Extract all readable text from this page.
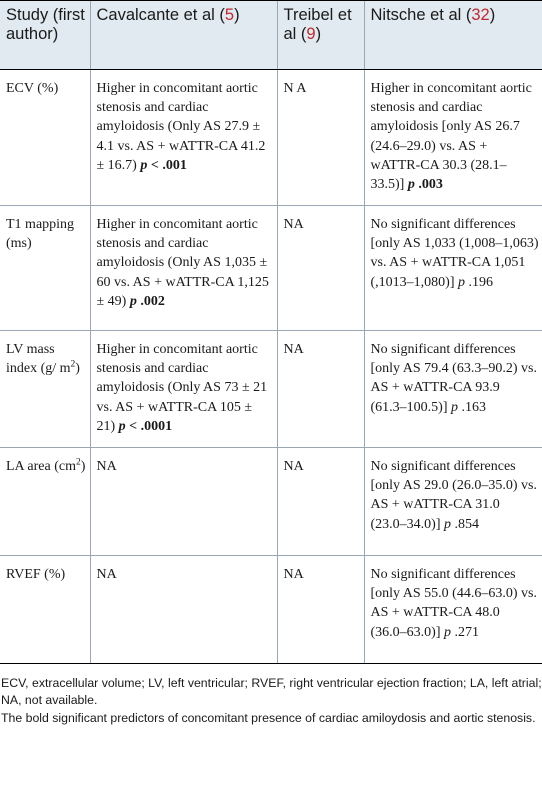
Study (first author)	Cavalcante et al (5)	Treibel et al (9)	Nitsche et al (32)
ECV (%)	Higher in concomitant aortic stenosis and cardiac amyloidosis (Only AS 27.9 ± 4.1 vs. AS + wATTR-CA 41.2 ± 16.7) p < .001	N A	Higher in concomitant aortic stenosis and cardiac amyloidosis [only AS 26.7 (24.6–29.0) vs. AS + wATTR-CA 30.3 (28.1–33.5)] p .003
T1 mapping (ms)	Higher in concomitant aortic stenosis and cardiac amyloidosis (Only AS 1,035 ± 60 vs. AS + wATTR-CA 1,125 ± 49) p .002	NA	No significant differences [only AS 1,033 (1,008–1,063) vs. AS + wATTR-CA 1,051 (,1013–1,080)] p .196
LV mass index (g/ $m^2$)	Higher in concomitant aortic stenosis and cardiac amyloidosis (Only AS 73 ± 21 vs. AS + wATTR-CA 105 ± 21) p < .0001	NA	No significant differences [only AS 79.4 (63.3–90.2) vs. AS + wATTR-CA 93.9 (61.3–100.5)] p .163
LA area $(cm^2)$	NA	NA	No significant differences [only AS 29.0 (26.0–35.0) vs. AS + wATTR-CA 31.0 (23.0–34.0)] p .854
RVEF (%)	NA	NA	No significant differences [only AS 55.0 (44.6–63.0) vs. AS + wATTR-CA 48.0 (36.0–63.0)] p .271
ECV, extracellular volume; LV, left ventricular; RVEF, right ventricular ejection fraction; LA, left atrial; NA, not available.
The bold significant predictors of concomitant presence of cardiac amiloydosis and aortic stenosis.
